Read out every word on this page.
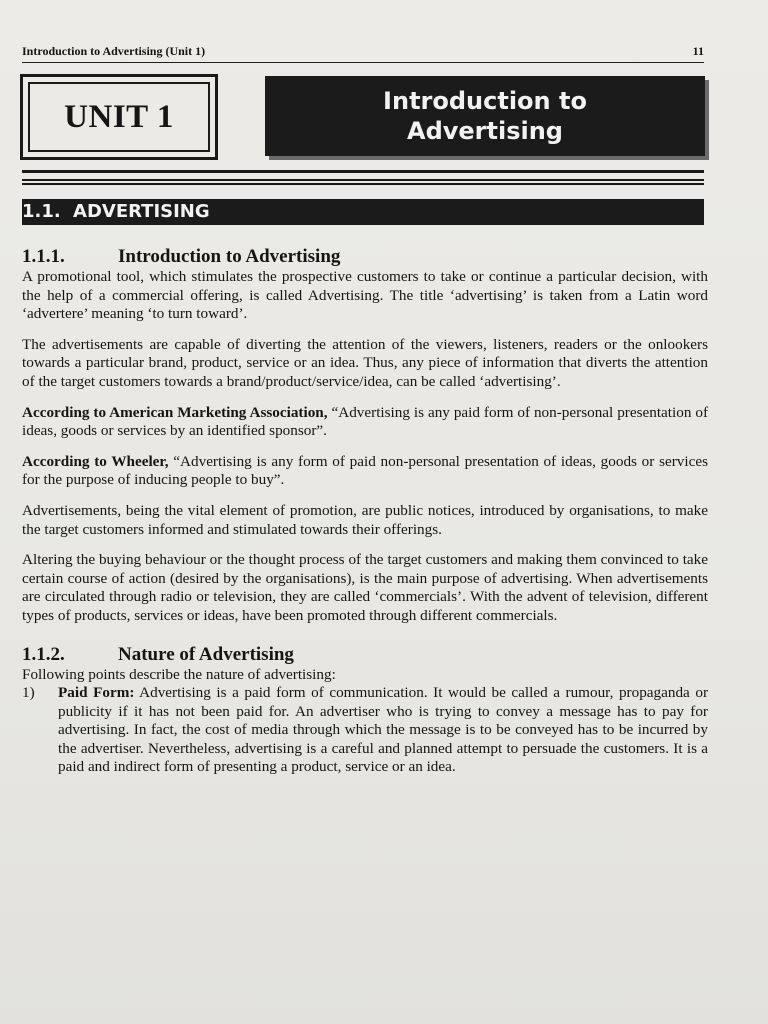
Introduction to Advertising (Unit 1)	11
UNIT 1	Introduction to
Advertising
1.1. ADVERTISING
1.1.1.	Introduction to Advertising

A promotional tool, which stimulates the prospective customers to take or continue a particular decision, with the help of a commercial offering, is called Advertising. The title ‘advertising’ is taken from a Latin word ‘advertere’ meaning ‘to turn toward’.

The advertisements are capable of diverting the attention of the viewers, listeners, readers or the onlookers towards a particular brand, product, service or an idea. Thus, any piece of information that diverts the attention of the target customers towards a brand/product/service/idea, can be called ‘advertising’.

According to American Marketing Association, “Advertising is any paid form of non-personal presentation of ideas, goods or services by an identified sponsor”.

According to Wheeler, “Advertising is any form of paid non-personal presentation of ideas, goods or services for the purpose of inducing people to buy”.

Advertisements, being the vital element of promotion, are public notices, introduced by organisations, to make the target customers informed and stimulated towards their offerings.

Altering the buying behaviour or the thought process of the target customers and making them convinced to take certain course of action (desired by the organisations), is the main purpose of advertising. When advertisements are circulated through radio or television, they are called ‘commercials’. With the advent of television, different types of products, services or ideas, have been promoted through different commercials.

1.1.2.	Nature of Advertising

Following points describe the nature of advertising:

1) Paid Form: Advertising is a paid form of communication. It would be called a rumour, propaganda or publicity if it has not been paid for. An advertiser who is trying to convey a message has to pay for advertising. In fact, the cost of media through which the message is to be conveyed has to be incurred by the advertiser. Nevertheless, advertising is a careful and planned attempt to persuade the customers. It is a paid and indirect form of presenting a product, service or an idea.
